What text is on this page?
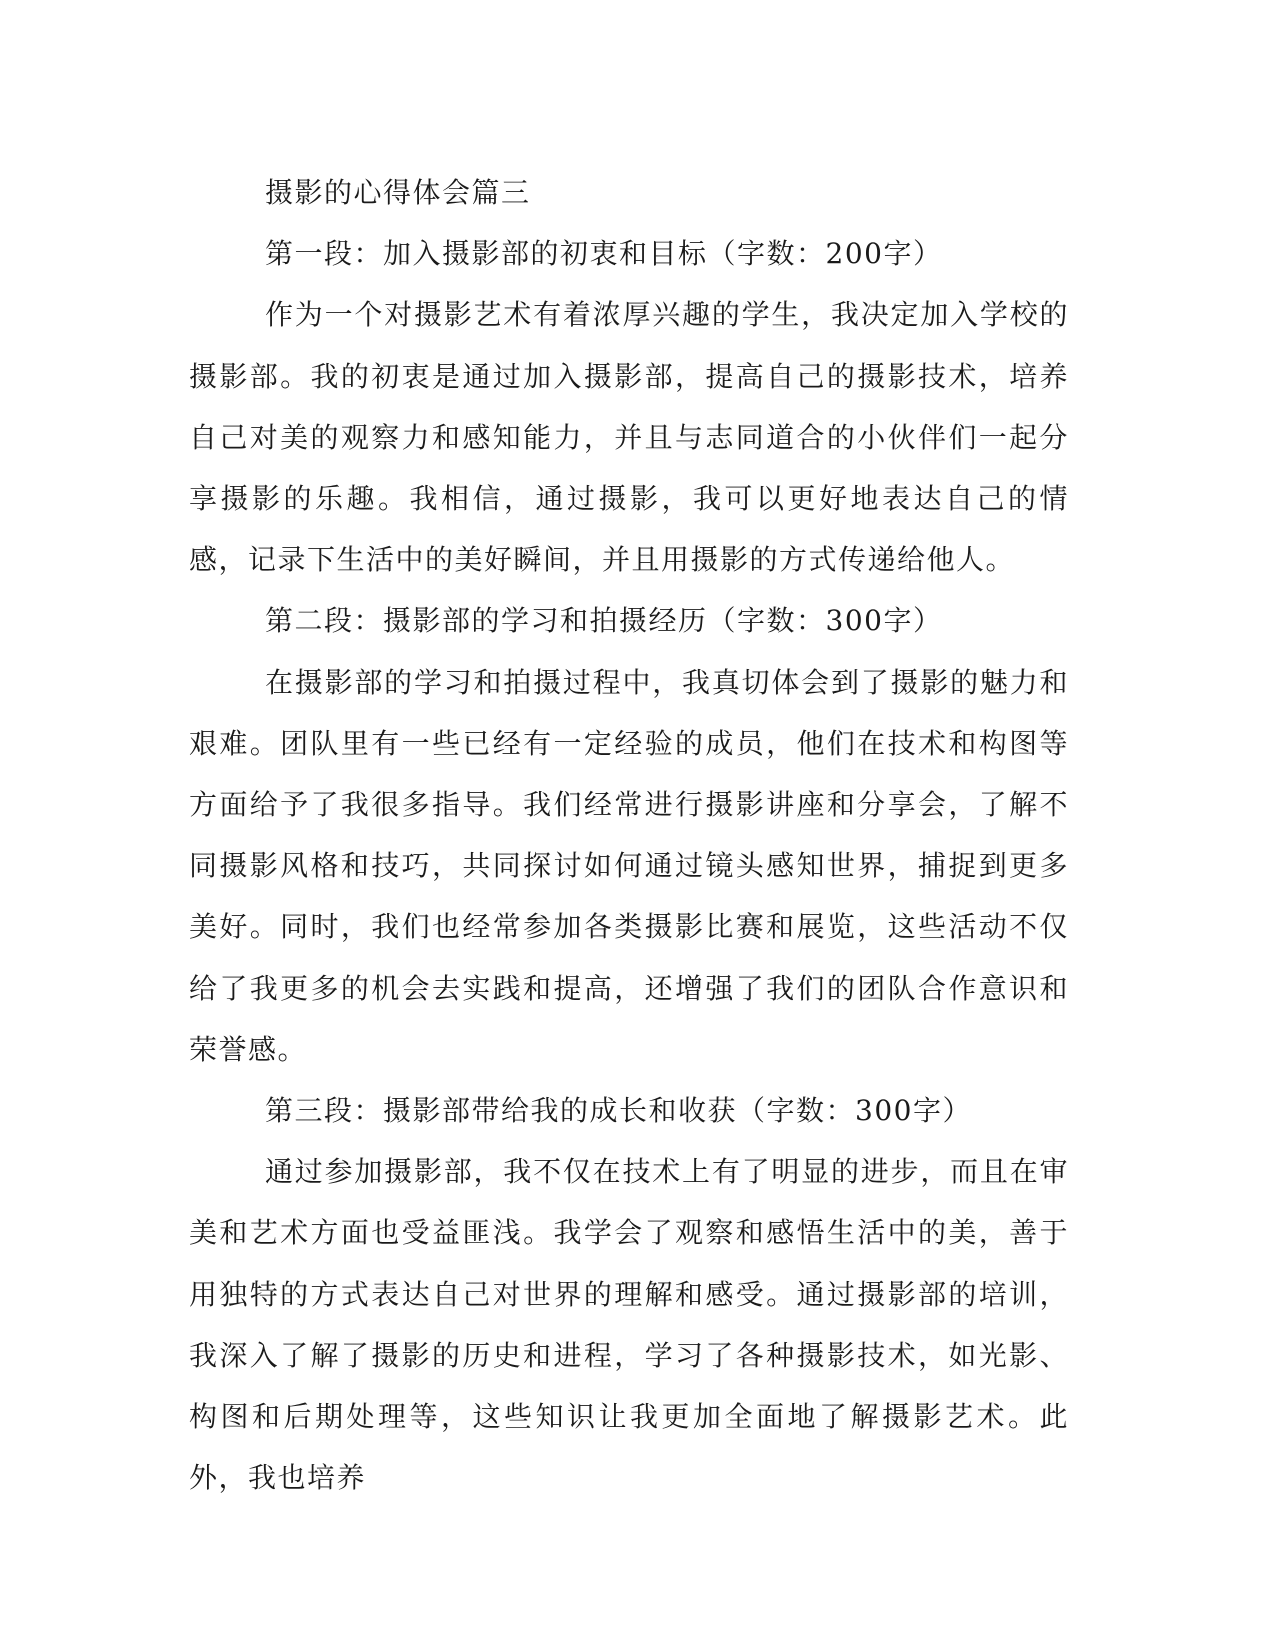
摄影的心得体会篇三

第一段：加入摄影部的初衷和目标（字数：200字）

作为一个对摄影艺术有着浓厚兴趣的学生，我决定加入学校的摄影部。我的初衷是通过加入摄影部，提高自己的摄影技术，培养自己对美的观察力和感知能力，并且与志同道合的小伙伴们一起分享摄影的乐趣。我相信，通过摄影，我可以更好地表达自己的情感，记录下生活中的美好瞬间，并且用摄影的方式传递给他人。

第二段：摄影部的学习和拍摄经历（字数：300字）

在摄影部的学习和拍摄过程中，我真切体会到了摄影的魅力和艰难。团队里有一些已经有一定经验的成员，他们在技术和构图等方面给予了我很多指导。我们经常进行摄影讲座和分享会，了解不同摄影风格和技巧，共同探讨如何通过镜头感知世界，捕捉到更多美好。同时，我们也经常参加各类摄影比赛和展览，这些活动不仅给了我更多的机会去实践和提高，还增强了我们的团队合作意识和荣誉感。

第三段：摄影部带给我的成长和收获（字数：300字）

通过参加摄影部，我不仅在技术上有了明显的进步，而且在审美和艺术方面也受益匪浅。我学会了观察和感悟生活中的美，善于用独特的方式表达自己对世界的理解和感受。通过摄影部的培训，我深入了解了摄影的历史和进程，学习了各种摄影技术，如光影、构图和后期处理等，这些知识让我更加全面地了解摄影艺术。此外，我也培养
